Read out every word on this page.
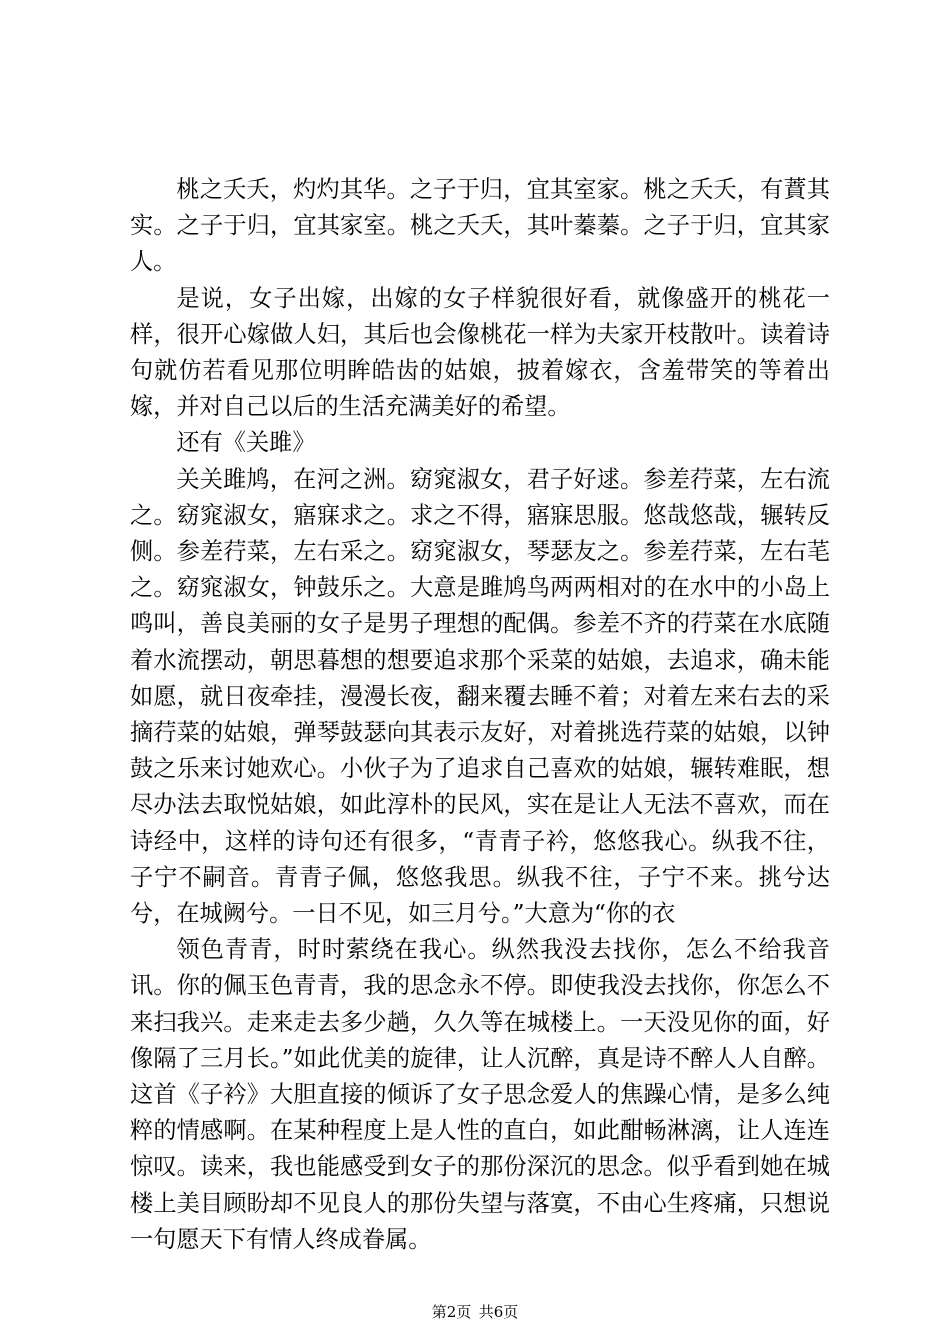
桃之夭夭，灼灼其华。之子于归，宜其室家。桃之夭夭，有蕡其实。之子于归，宜其家室。桃之夭夭，其叶蓁蓁。之子于归，宜其家人。

是说，女子出嫁，出嫁的女子样貌很好看，就像盛开的桃花一样，很开心嫁做人妇，其后也会像桃花一样为夫家开枝散叶。读着诗句就仿若看见那位明眸皓齿的姑娘，披着嫁衣，含羞带笑的等着出嫁，并对自己以后的生活充满美好的希望。

还有《关雎》

关关雎鸠，在河之洲。窈窕淑女，君子好逑。参差荇菜，左右流之。窈窕淑女，寤寐求之。求之不得，寤寐思服。悠哉悠哉，辗转反侧。参差荇菜，左右采之。窈窕淑女，琴瑟友之。参差荇菜，左右芼之。窈窕淑女，钟鼓乐之。大意是雎鸠鸟两两相对的在水中的小岛上鸣叫，善良美丽的女子是男子理想的配偶。参差不齐的荇菜在水底随着水流摆动，朝思暮想的想要追求那个采菜的姑娘，去追求，确未能如愿，就日夜牵挂，漫漫长夜，翻来覆去睡不着；对着左来右去的采摘荇菜的姑娘，弹琴鼓瑟向其表示友好，对着挑选荇菜的姑娘，以钟鼓之乐来讨她欢心。小伙子为了追求自己喜欢的姑娘，辗转难眠，想尽办法去取悦姑娘，如此淳朴的民风，实在是让人无法不喜欢，而在诗经中，这样的诗句还有很多，“青青子衿，悠悠我心。纵我不往，子宁不嗣音。青青子佩，悠悠我思。纵我不往，子宁不来。挑兮达兮，在城阙兮。一日不见，如三月兮。”大意为“你的衣

领色青青，时时萦绕在我心。纵然我没去找你，怎么不给我音讯。你的佩玉色青青，我的思念永不停。即使我没去找你，你怎么不来扫我兴。走来走去多少趟，久久等在城楼上。一天没见你的面，好像隔了三月长。”如此优美的旋律，让人沉醉，真是诗不醉人人自醉。这首《子衿》大胆直接的倾诉了女子思念爱人的焦躁心情，是多么纯粹的情感啊。在某种程度上是人性的直白，如此酣畅淋漓，让人连连惊叹。读来，我也能感受到女子的那份深沉的思念。似乎看到她在城楼上美目顾盼却不见良人的那份失望与落寞，不由心生疼痛，只想说一句愿天下有情人终成眷属。

第2页 共6页
